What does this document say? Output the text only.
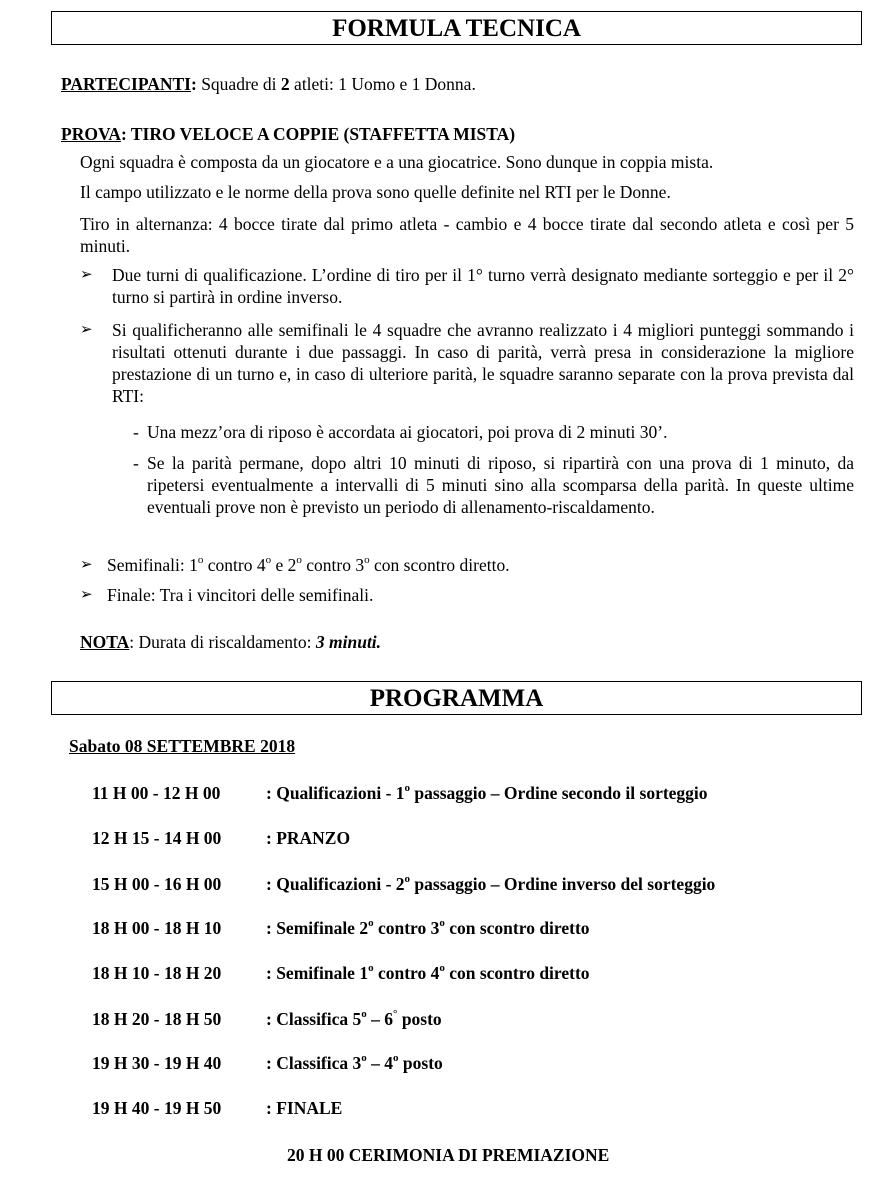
FORMULA TECNICA
PARTECIPANTI: Squadre di 2 atleti: 1 Uomo e 1 Donna.
PROVA: TIRO VELOCE A COPPIE (STAFFETTA MISTA)
Ogni squadra è composta da un giocatore e a una giocatrice. Sono dunque in coppia mista.
Il campo utilizzato e le norme della prova sono quelle definite nel RTI per le Donne.
Tiro in alternanza: 4 bocce tirate dal primo atleta - cambio e 4 bocce tirate dal secondo atleta e così per 5 minuti.
➢ Due turni di qualificazione. L’ordine di tiro per il 1° turno verrà designato mediante sorteggio e per il 2° turno si partirà in ordine inverso.
➢ Si qualificheranno alle semifinali le 4 squadre che avranno realizzato i 4 migliori punteggi sommando i risultati ottenuti durante i due passaggi. In caso di parità, verrà presa in considerazione la migliore prestazione di un turno e, in caso di ulteriore parità, le squadre saranno separate con la prova prevista dal RTI:
- Una mezz’ora di riposo è accordata ai giocatori, poi prova di 2 minuti 30’.
- Se la parità permane, dopo altri 10 minuti di riposo, si ripartirà con una prova di 1 minuto, da ripetersi eventualmente a intervalli di 5 minuti sino alla scomparsa della parità. In queste ultime eventuali prove non è previsto un periodo di allenamento-riscaldamento.
➢ Semifinali: 1$^o$ contro 4$^o$ e 2$^o$ contro 3$^o$ con scontro diretto.
➢ Finale: Tra i vincitori delle semifinali.
NOTA: Durata di riscaldamento: 3 minuti.
PROGRAMMA
Sabato 08 SETTEMBRE 2018
11 H 00 - 12 H 00	: Qualificazioni - 1$^o$ passaggio – Ordine secondo il sorteggio
12 H 15 - 14 H 00	: PRANZO
15 H 00 - 16 H 00	: Qualificazioni - 2$^o$ passaggio – Ordine inverso del sorteggio
18 H 00 - 18 H 10	: Semifinale 2$^o$ contro 3$^o$ con scontro diretto
18 H 10 - 18 H 20	: Semifinale 1$^o$ contro 4$^o$ con scontro diretto
18 H 20 - 18 H 50	: Classifica 5$^o$ – 6° posto
19 H 30 - 19 H 40	: Classifica 3$^o$ – 4$^o$ posto
19 H 40 - 19 H 50	: FINALE
20 H 00 CERIMONIA DI PREMIAZIONE
